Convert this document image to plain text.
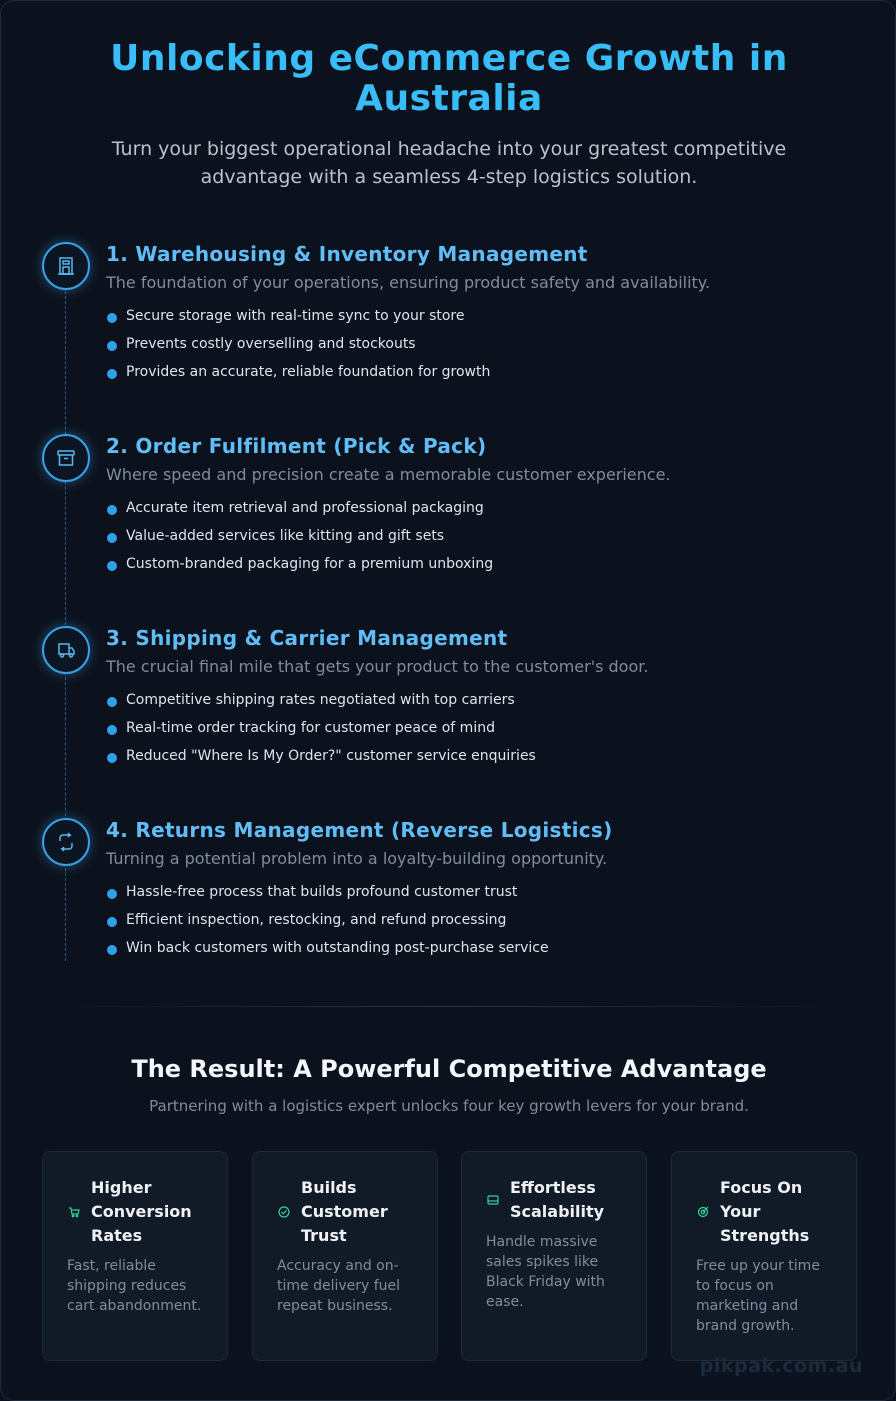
Unlocking eCommerce Growth in Australia

Turn your biggest operational headache into your greatest competitive advantage with a seamless 4-step logistics solution.

1. Warehousing & Inventory Management
The foundation of your operations, ensuring product safety and availability.
Secure storage with real-time sync to your store
Prevents costly overselling and stockouts
Provides an accurate, reliable foundation for growth
2. Order Fulfilment (Pick & Pack)
Where speed and precision create a memorable customer experience.
Accurate item retrieval and professional packaging
Value-added services like kitting and gift sets
Custom-branded packaging for a premium unboxing
3. Shipping & Carrier Management
The crucial final mile that gets your product to the customer's door.
Competitive shipping rates negotiated with top carriers
Real-time order tracking for customer peace of mind
Reduced "Where Is My Order?" customer service enquiries
4. Returns Management (Reverse Logistics)
Turning a potential problem into a loyalty-building opportunity.
Hassle-free process that builds profound customer trust
Efficient inspection, restocking, and refund processing
Win back customers with outstanding post-purchase service
The Result: A Powerful Competitive Advantage

Partnering with a logistics expert unlocks four key growth levers for your brand.

Higher Conversion Rates

Fast, reliable shipping reduces cart abandonment.

Builds Customer Trust

Accuracy and on-time delivery fuel repeat business.

Effortless Scalability

Handle massive sales spikes like Black Friday with ease.

Focus On Your Strengths

Free up your time to focus on marketing and brand growth.

pikpak.com.au
